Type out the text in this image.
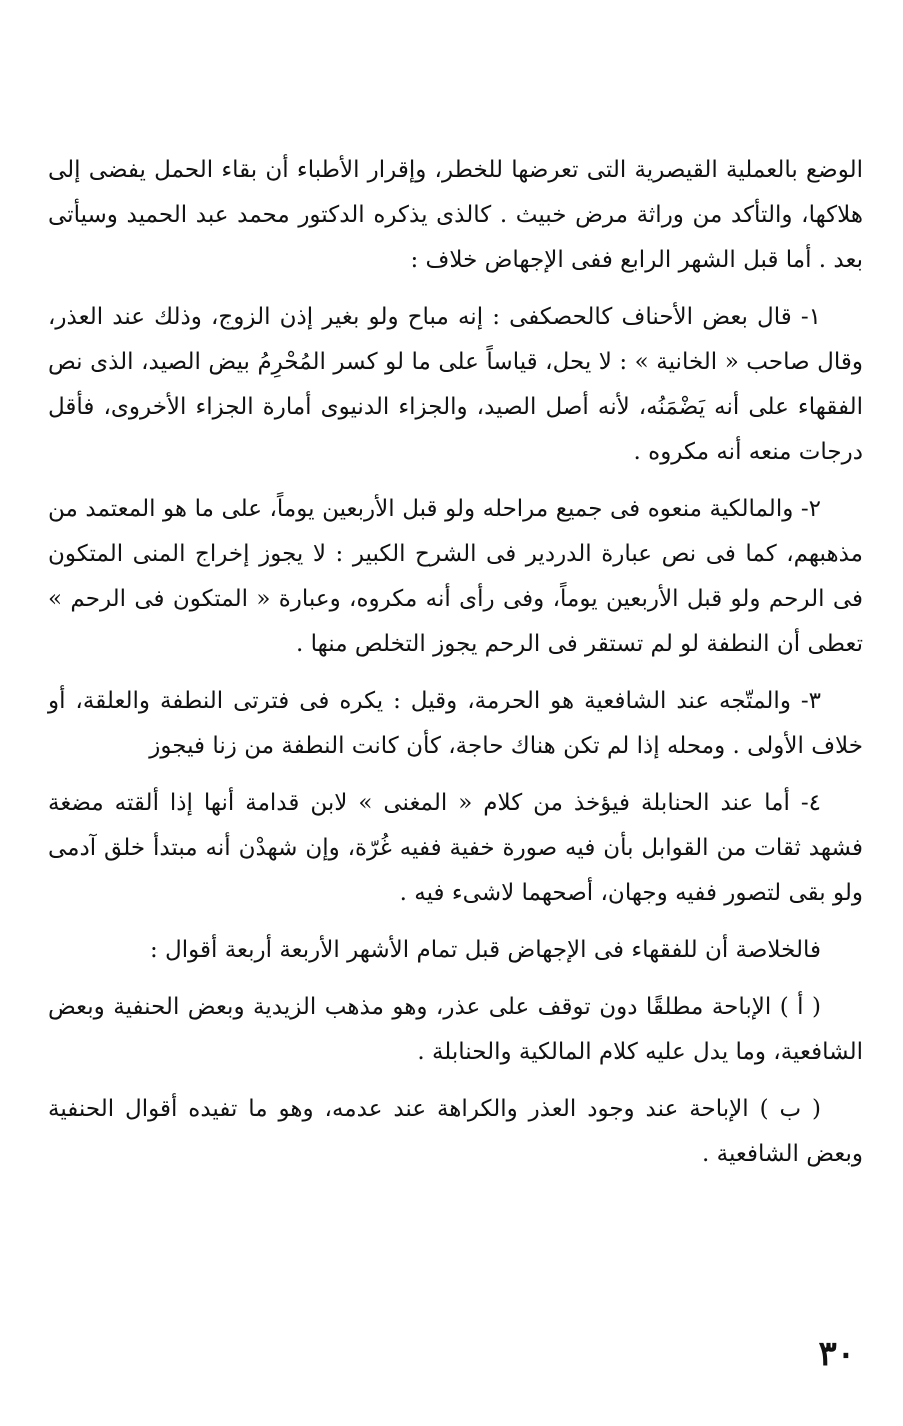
الوضع بالعملية القيصرية التى تعرضها للخطر، وإقرار الأطباء أن بقاء الحمل يفضى إلى هلاكها، والتأكد من وراثة مرض خبيث . كالذى يذكره الدكتور محمد عبد الحميد وسيأتى بعد . أما قبل الشهر الرابع ففى الإجهاض خلاف :

١- قال بعض الأحناف كالحصكفى : إنه مباح ولو بغير إذن الزوج، وذلك عند العذر، وقال صاحب « الخانية » : لا يحل، قياساً على ما لو كسر المُحْرِمُ بيض الصيد، الذى نص الفقهاء على أنه يَضْمَنُه، لأنه أصل الصيد، والجزاء الدنيوى أمارة الجزاء الأخروى، فأقل درجات منعه أنه مكروه .

٢- والمالكية منعوه فى جميع مراحله ولو قبل الأربعين يوماً، على ما هو المعتمد من مذهبهم، كما فى نص عبارة الدردير فى الشرح الكبير : لا يجوز إخراج المنى المتكون فى الرحم ولو قبل الأربعين يوماً، وفى رأى أنه مكروه، وعبارة « المتكون فى الرحم » تعطى أن النطفة لو لم تستقر فى الرحم يجوز التخلص منها .

٣- والمتّجه عند الشافعية هو الحرمة، وقيل : يكره فى فترتى النطفة والعلقة، أو خلاف الأولى . ومحله إذا لم تكن هناك حاجة، كأن كانت النطفة من زنا فيجوز

٤- أما عند الحنابلة فيؤخذ من كلام « المغنى » لابن قدامة أنها إذا ألقته مضغة فشهد ثقات من القوابل بأن فيه صورة خفية ففيه غُرّة، وإن شهدْن أنه مبتدأ خلق آدمى ولو بقى لتصور ففيه وجهان، أصحهما لاشىء فيه .

فالخلاصة أن للفقهاء فى الإجهاض قبل تمام الأشهر الأربعة أربعة أقوال :

( أ ) الإباحة مطلقًا دون توقف على عذر، وهو مذهب الزيدية وبعض الحنفية وبعض الشافعية، وما يدل عليه كلام المالكية والحنابلة .

( ب ) الإباحة عند وجود العذر والكراهة عند عدمه، وهو ما تفيده أقوال الحنفية وبعض الشافعية .

٣٠
